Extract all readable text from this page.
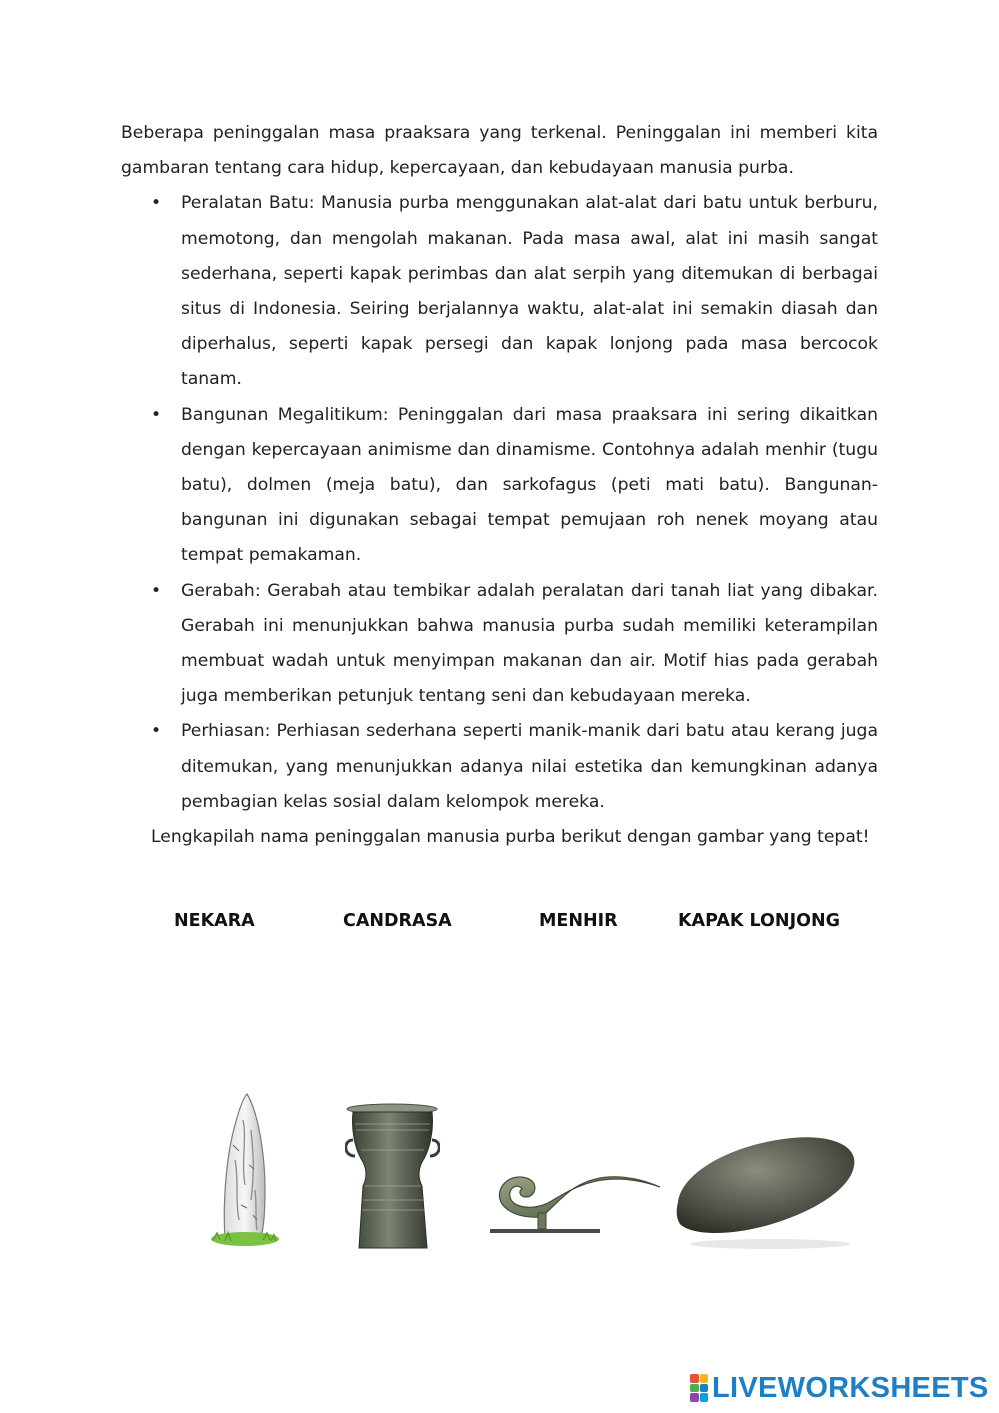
Beberapa peninggalan masa praaksara yang terkenal. Peninggalan ini memberi kita gambaran tentang cara hidup, kepercayaan, dan kebudayaan manusia purba.

• Peralatan Batu: Manusia purba menggunakan alat-alat dari batu untuk berburu, memotong, dan mengolah makanan. Pada masa awal, alat ini masih sangat sederhana, seperti kapak perimbas dan alat serpih yang ditemukan di berbagai situs di Indonesia. Seiring berjalannya waktu, alat-alat ini semakin diasah dan diperhalus, seperti kapak persegi dan kapak lonjong pada masa bercocok tanam.
• Bangunan Megalitikum: Peninggalan dari masa praaksara ini sering dikaitkan dengan kepercayaan animisme dan dinamisme. Contohnya adalah menhir (tugu batu), dolmen (meja batu), dan sarkofagus (peti mati batu). Bangunan-bangunan ini digunakan sebagai tempat pemujaan roh nenek moyang atau tempat pemakaman.
• Gerabah: Gerabah atau tembikar adalah peralatan dari tanah liat yang dibakar. Gerabah ini menunjukkan bahwa manusia purba sudah memiliki keterampilan membuat wadah untuk menyimpan makanan dan air. Motif hias pada gerabah juga memberikan petunjuk tentang seni dan kebudayaan mereka.
• Perhiasan: Perhiasan sederhana seperti manik-manik dari batu atau kerang juga ditemukan, yang menunjukkan adanya nilai estetika dan kemungkinan adanya pembagian kelas sosial dalam kelompok mereka.

Lengkapilah nama peninggalan manusia purba berikut dengan gambar yang tepat!

NEKARA	CANDRASA	MENHIR	KAPAK LONJONG
LIVEWORKSHEETS
